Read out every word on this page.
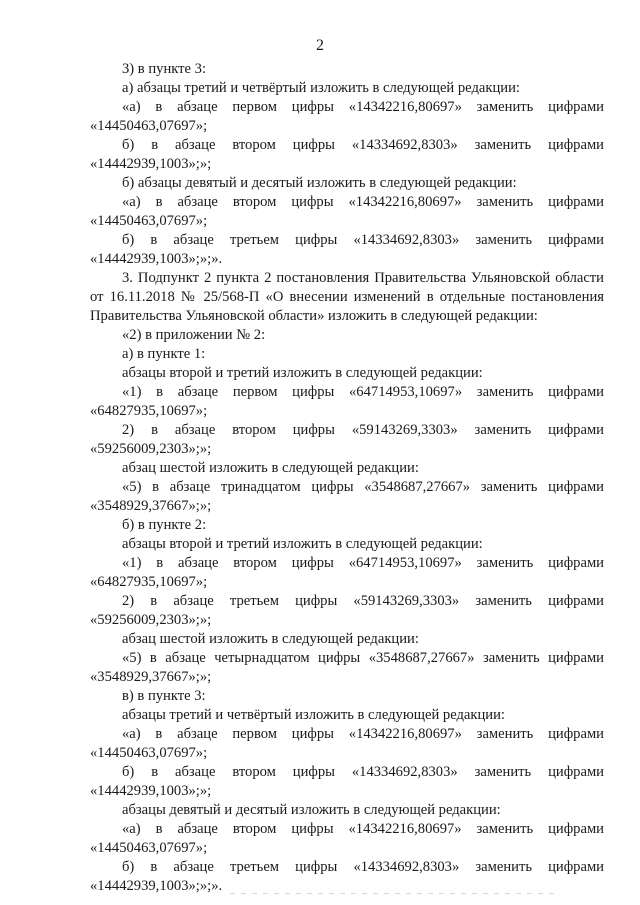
2

3) в пункте 3:

а) абзацы третий и четвёртый изложить в следующей редакции:

«а) в абзаце первом цифры «14342216,80697» заменить цифрами

«14450463,07697»;

б) в абзаце втором цифры «14334692,8303» заменить цифрами

«14442939,1003»;»;

б) абзацы девятый и десятый изложить в следующей редакции:

«а) в абзаце втором цифры «14342216,80697» заменить цифрами

«14450463,07697»;

б) в абзаце третьем цифры «14334692,8303» заменить цифрами

«14442939,1003»;»;».

3. Подпункт 2 пункта 2 постановления Правительства Ульяновской области от 16.11.2018 № 25/568-П «О внесении изменений в отдельные постановления Правительства Ульяновской области» изложить в следующей редакции:

«2) в приложении № 2:

а) в пункте 1:

абзацы второй и третий изложить в следующей редакции:

«1) в абзаце первом цифры «64714953,10697» заменить цифрами

«64827935,10697»;

2) в абзаце втором цифры «59143269,3303» заменить цифрами

«59256009,2303»;»;

абзац шестой изложить в следующей редакции:

«5) в абзаце тринадцатом цифры «3548687,27667» заменить цифрами

«3548929,37667»;»;

б) в пункте 2:

абзацы второй и третий изложить в следующей редакции:

«1) в абзаце втором цифры «64714953,10697» заменить цифрами

«64827935,10697»;

2) в абзаце третьем цифры «59143269,3303» заменить цифрами

«59256009,2303»;»;

абзац шестой изложить в следующей редакции:

«5) в абзаце четырнадцатом цифры «3548687,27667» заменить цифрами

«3548929,37667»;»;

в) в пункте 3:

абзацы третий и четвёртый изложить в следующей редакции:

«а) в абзаце первом цифры «14342216,80697» заменить цифрами

«14450463,07697»;

б) в абзаце втором цифры «14334692,8303» заменить цифрами

«14442939,1003»;»;

абзацы девятый и десятый изложить в следующей редакции:

«а) в абзаце втором цифры «14342216,80697» заменить цифрами

«14450463,07697»;

б) в абзаце третьем цифры «14334692,8303» заменить цифрами

«14442939,1003»;»;».
